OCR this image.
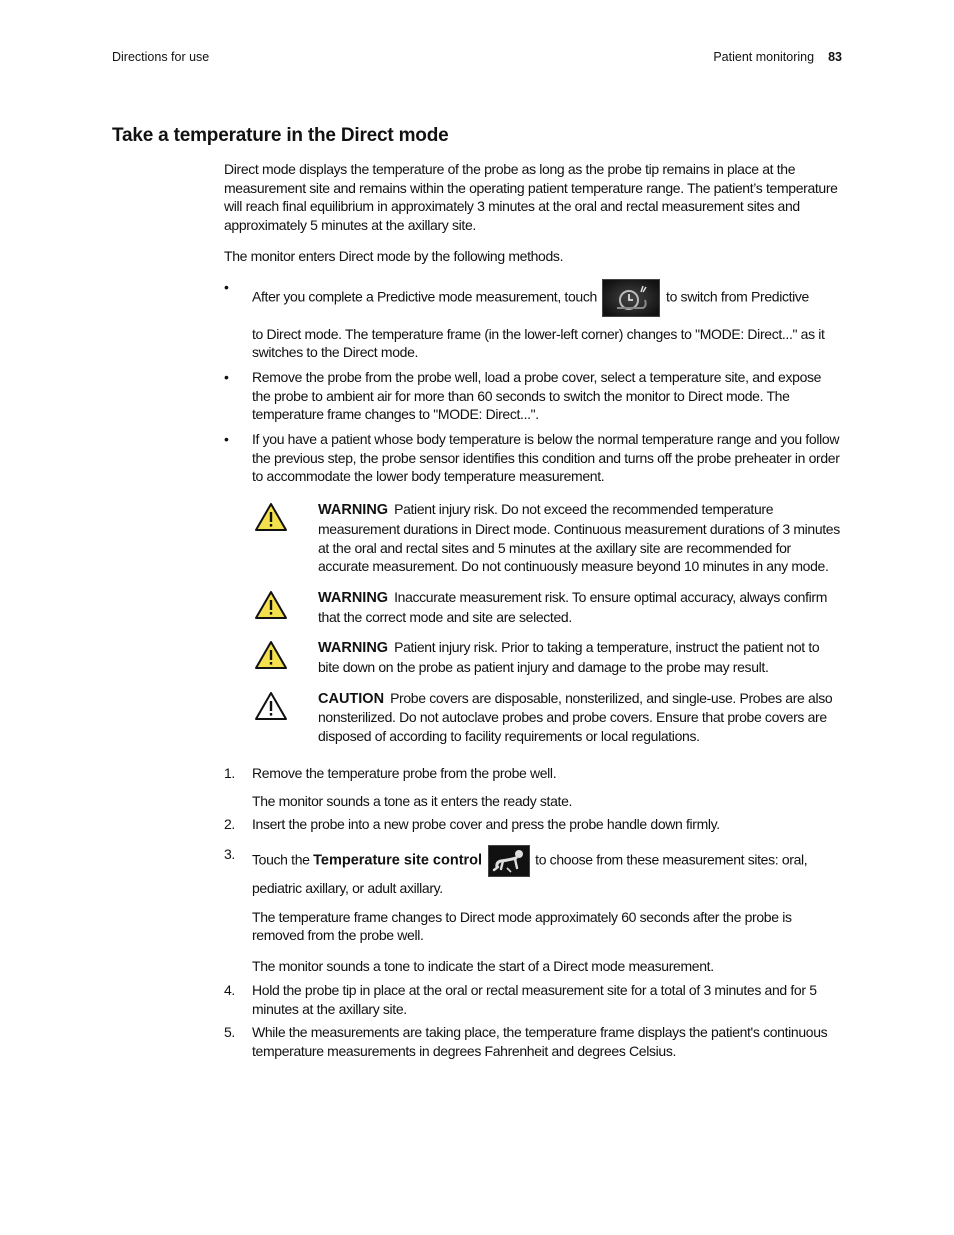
Directions for use	Patient monitoring 83
Take a temperature in the Direct mode

Direct mode displays the temperature of the probe as long as the probe tip remains in place at the measurement site and remains within the operating patient temperature range. The patient’s temperature will reach final equilibrium in approximately 3 minutes at the oral and rectal measurement sites and approximately 5 minutes at the axillary site.

The monitor enters Direct mode by the following methods.

•

After you complete a Predictive mode measurement, touch	to switch from Predictive

to Direct mode. The temperature frame (in the lower-left corner) changes to "MODE: Direct..." as it switches to the Direct mode.

• Remove the probe from the probe well, load a probe cover, select a temperature site, and expose the probe to ambient air for more than 60 seconds to switch the monitor to Direct mode. The temperature frame changes to "MODE: Direct...".

• If you have a patient whose body temperature is below the normal temperature range and you follow the previous step, the probe sensor identifies this condition and turns off the probe preheater in order to accommodate the lower body temperature measurement.

WARNING Patient injury risk. Do not exceed the recommended temperature measurement durations in Direct mode. Continuous measurement durations of 3 minutes at the oral and rectal sites and 5 minutes at the axillary site are recommended for accurate measurement. Do not continuously measure beyond 10 minutes in any mode.

WARNING Inaccurate measurement risk. To ensure optimal accuracy, always confirm that the correct mode and site are selected.

WARNING Patient injury risk. Prior to taking a temperature, instruct the patient not to bite down on the probe as patient injury and damage to the probe may result.

CAUTION Probe covers are disposable, nonsterilized, and single-use. Probes are also nonsterilized. Do not autoclave probes and probe covers. Ensure that probe covers are disposed of according to facility requirements or local regulations.

1. Remove the temperature probe from the probe well.

The monitor sounds a tone as it enters the ready state.

2. Insert the probe into a new probe cover and press the probe handle down firmly.

3. Touch the Temperature site control	to choose from these measurement sites: oral,

pediatric axillary, or adult axillary.

The temperature frame changes to Direct mode approximately 60 seconds after the probe is removed from the probe well.

The monitor sounds a tone to indicate the start of a Direct mode measurement.

4. Hold the probe tip in place at the oral or rectal measurement site for a total of 3 minutes and for 5 minutes at the axillary site.

5. While the measurements are taking place, the temperature frame displays the patient's continuous temperature measurements in degrees Fahrenheit and degrees Celsius.
